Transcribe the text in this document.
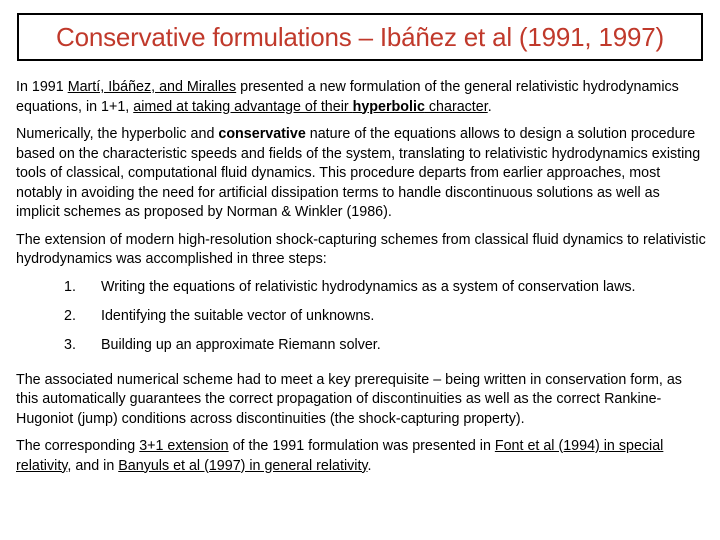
Conservative formulations – Ibáñez et al (1991, 1997)

In 1991 Martí, Ibáñez, and Miralles presented a new formulation of the general relativistic hydrodynamics equations, in 1+1, aimed at taking advantage of their hyperbolic character.

Numerically, the hyperbolic and conservative nature of the equations allows to design a solution procedure based on the characteristic speeds and fields of the system, translating to relativistic hydrodynamics existing tools of classical, computational fluid dynamics. This procedure departs from earlier approaches, most notably in avoiding the need for artificial dissipation terms to handle discontinuous solutions as well as implicit schemes as proposed by Norman & Winkler (1986).

The extension of modern high-resolution shock-capturing schemes from classical fluid dynamics to relativistic hydrodynamics was accomplished in three steps:

1.	Writing the equations of relativistic hydrodynamics as a system of conservation laws.
2.	Identifying the suitable vector of unknowns.
3.	Building up an approximate Riemann solver.

The associated numerical scheme had to meet a key prerequisite – being written in conservation form, as this automatically guarantees the correct propagation of discontinuities as well as the correct Rankine-Hugoniot (jump) conditions across discontinuities (the shock-capturing property).

The corresponding 3+1 extension of the 1991 formulation was presented in Font et al (1994) in special relativity, and in Banyuls et al (1997) in general relativity.
